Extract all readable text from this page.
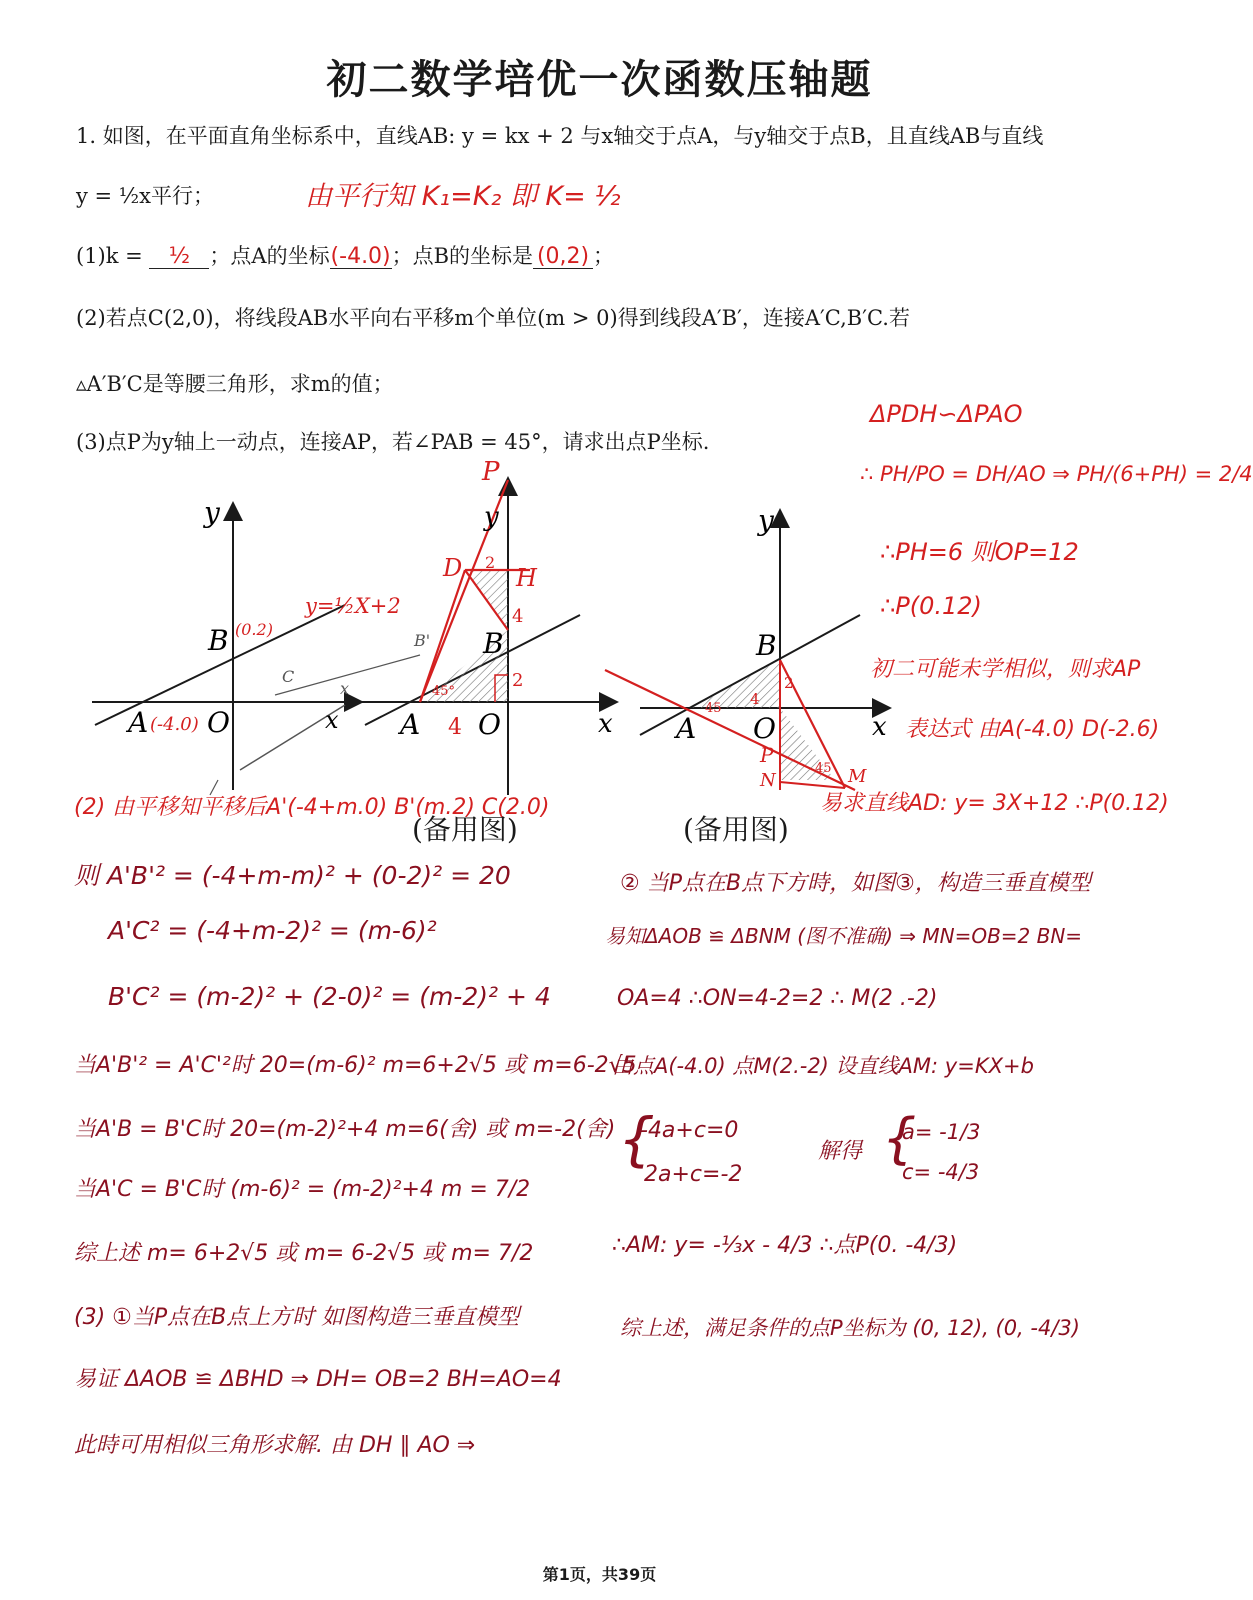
初二数学培优一次函数压轴题
1. 如图，在平面直角坐标系中，直线AB: y = kx + 2 与x轴交于点A，与y轴交于点B，且直线AB与直线
y = ½x平行；	由平行知 K₁=K₂ 即 K= ½
(1)k = ½ ；点A的坐标(-4.0)；点B的坐标是 (0,2) ；
(2)若点C(2,0)，将线段AB水平向右平移m个单位(m > 0)得到线段A′B′，连接A′C,B′C.若
▵A′B′C是等腰三角形，求m的值；
(3)点P为y轴上一动点，连接AP，若∠PAB = 45°，请求出点P坐标.
ΔPDH∽ΔPAO
∴ PH/PO = DH/AO ⇒ PH/(6+PH) = 2/4
∴PH=6 则OP=12
∴P(0.12)
初二可能未学相似，则求AP
表达式 由A(-4.0) D(-2.6)
易求直线AD: y= 3X+12 ∴P(0.12)
y
x
O
A (-4.0)
B (0.2)
y=½X+2
B'
C
x
y
x
O
A
B
D H
P
4
2
4
2
45°
y
x
O
A
B
P
N	M
4
2
45
45
(备用图)	(备用图)
(2) 由平移知平移后A'(-4+m.0) B'(m.2) C(2.0)
则 A'B'² = (-4+m-m)² + (0-2)² = 20
A'C² = (-4+m-2)² = (m-6)²
B'C² = (m-2)² + (2-0)² = (m-2)² + 4
当A'B'² = A'C'²时 20=(m-6)² m=6+2√5 或 m=6-2√5
当A'B = B'C时 20=(m-2)²+4 m=6(舍) 或 m=-2(舍)
当A'C = B'C时 (m-6)² = (m-2)²+4 m = 7/2
综上述 m= 6+2√5 或 m= 6-2√5 或 m= 7/2
(3) ①当P点在B点上方时 如图构造三垂直模型
易证 ΔAOB ≌ ΔBHD ⇒ DH= OB=2 BH=AO=4
此時可用相似三角形求解. 由 DH ∥ AO ⇒
② 当P点在B点下方時，如图③，构造三垂直模型
易知ΔAOB ≌ ΔBNM (图不准确) ⇒ MN=OB=2 BN=
OA=4 ∴ON=4-2=2 ∴ M(2 .-2)
由点A(-4.0) 点M(2.-2) 设直线AM: y=KX+b
{
-4a+c=0
2a+c=-2
解得 {
a= -1/3
c= -4/3
∴AM: y= -⅓x - 4/3 ∴点P(0. -4/3)
综上述，满足条件的点P坐标为 (0, 12), (0, -4/3)
第1页，共39页
